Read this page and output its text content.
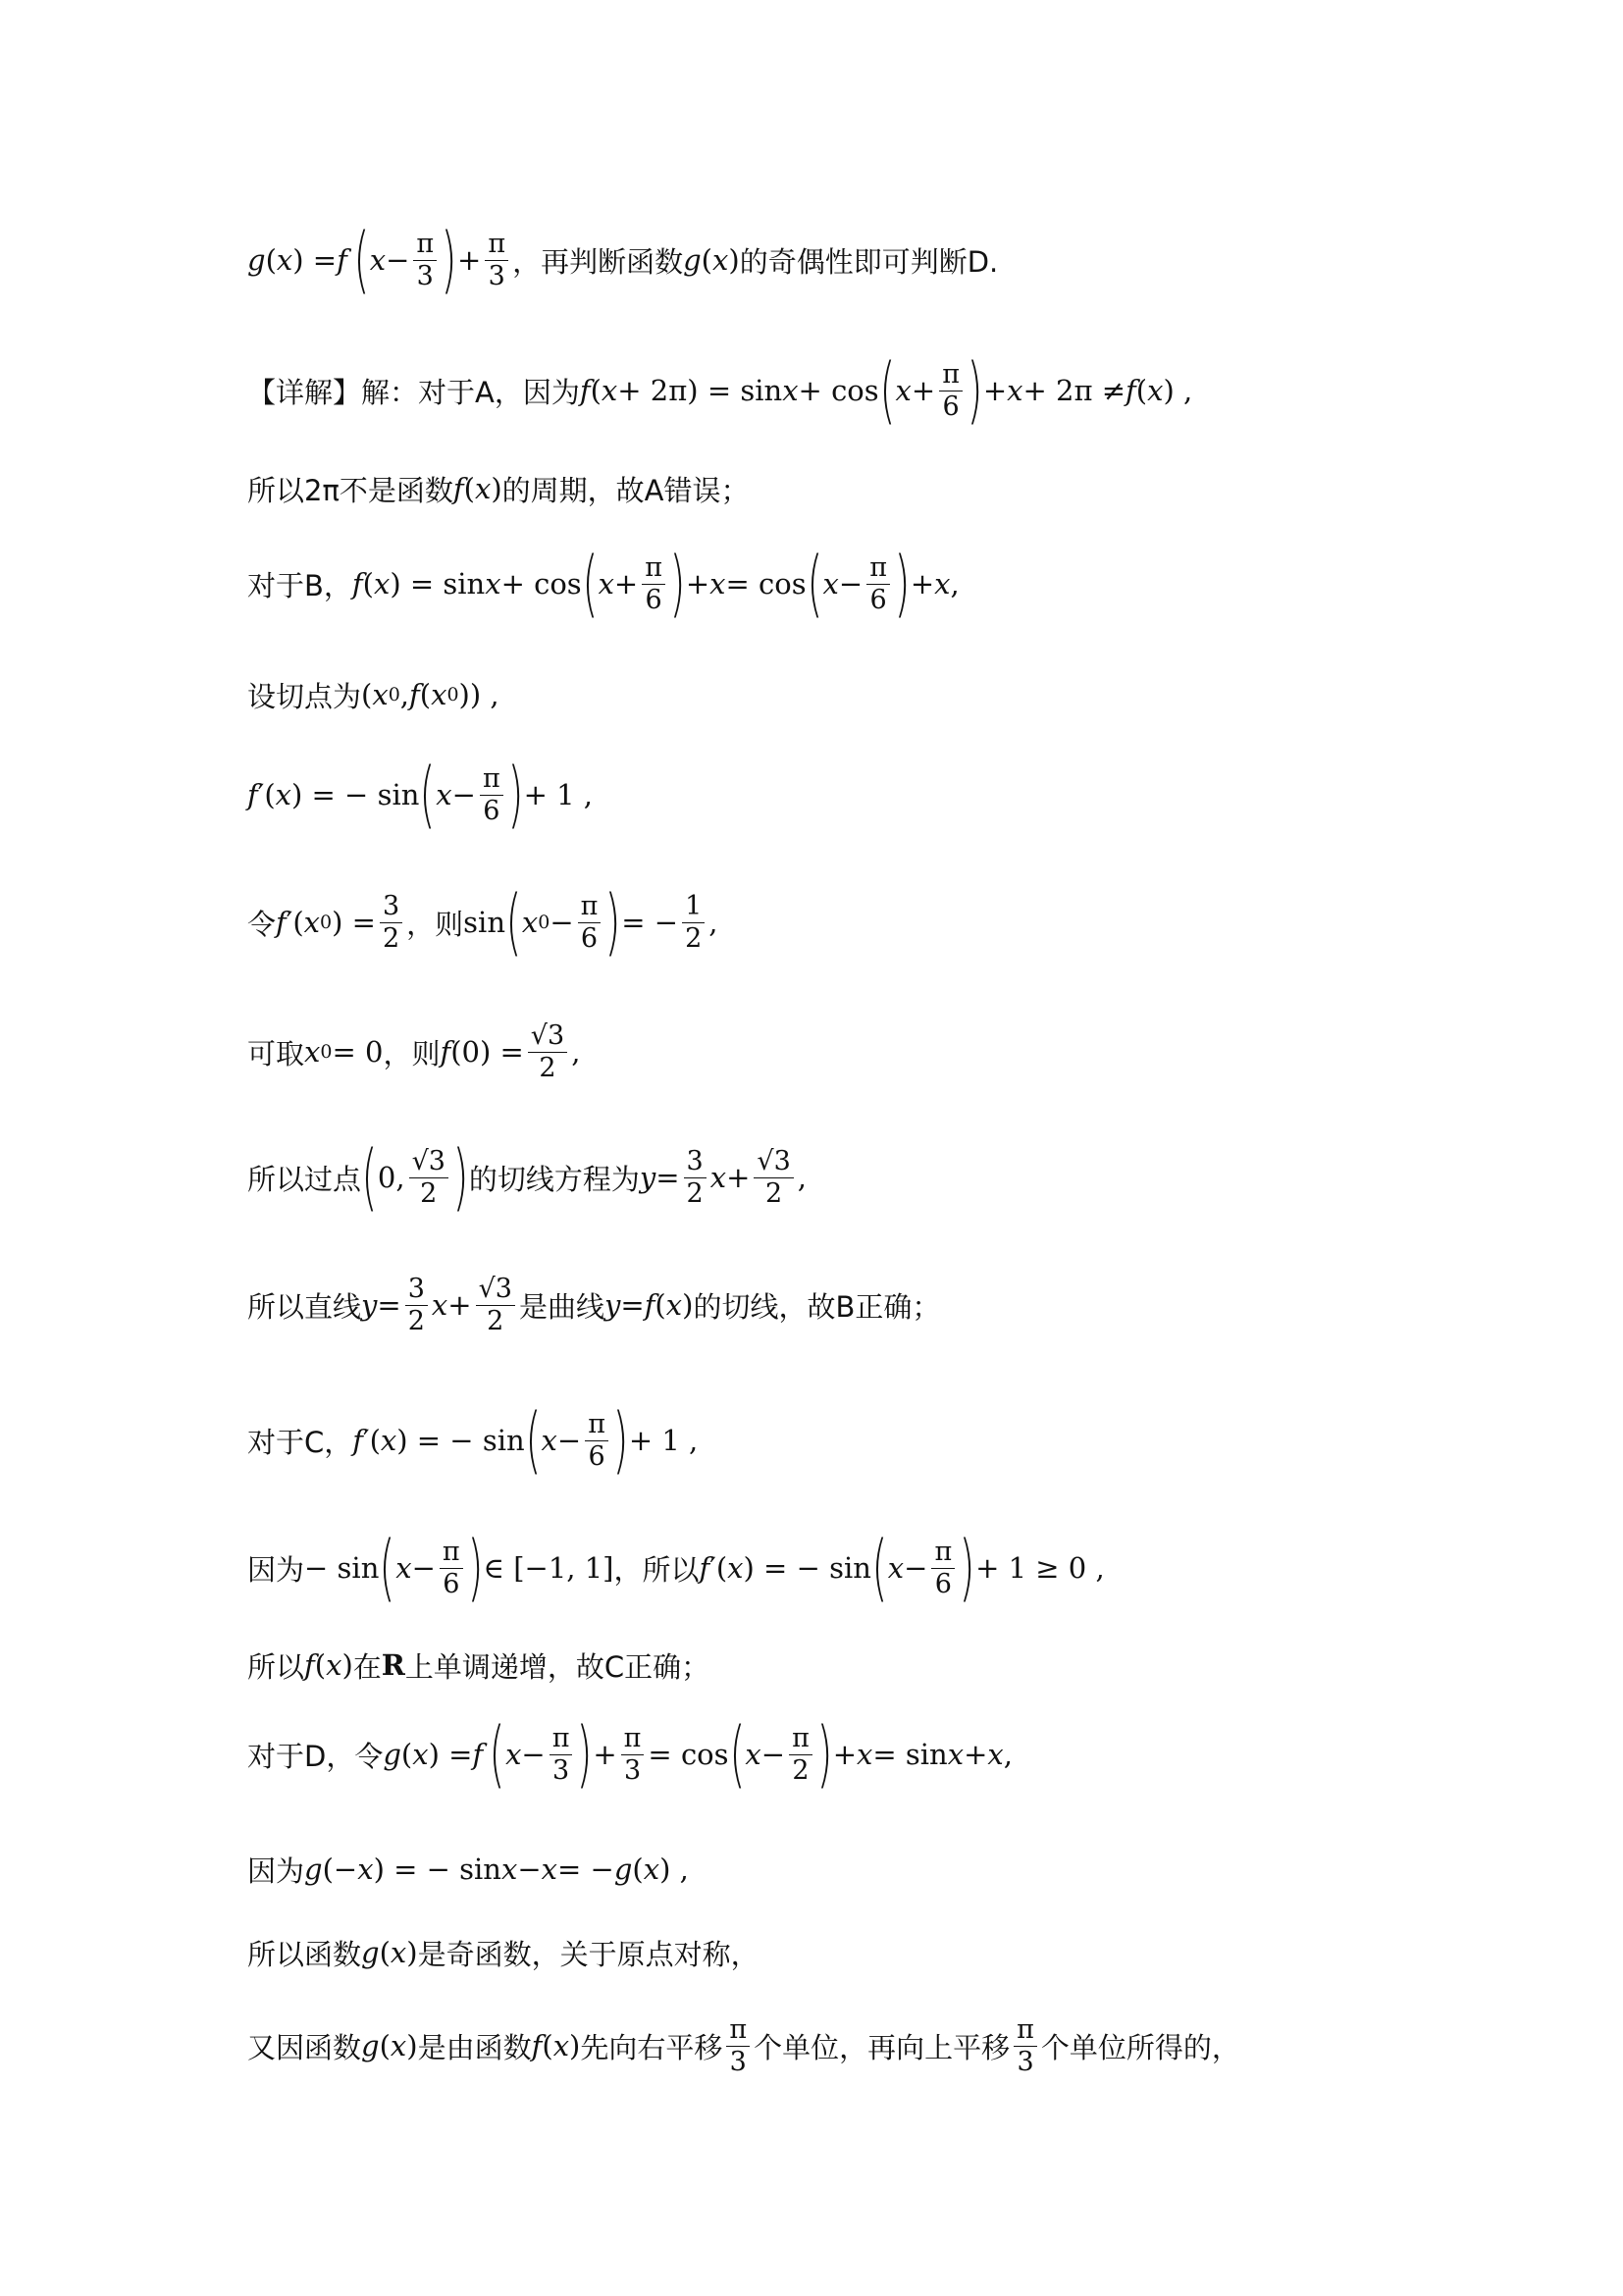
g ( x ) = f ( $x - \frac{\pi}{3}$ ) + $\frac{\pi}{3}$ ，再判断函数 g ( x ) 的奇偶性即可判断D.
【详解】解：对于A，因为 f ( x + 2π) = sin x + cos ( $x + \frac{\pi}{6}$ ) + x + 2π ≠ f ( x ) ,
所以2π不是函数 f ( x ) 的周期，故A错误；
对于B， f ( x ) = sin x + cos ( $x + \frac{\pi}{6}$ ) + x = cos ( $x - \frac{\pi}{6}$ ) + x ,
设切点为 ( x 0 , f ( x 0 )) ,
f ′( x ) = − sin ( $x - \frac{\pi}{6}$ ) + 1 ,
令 f ′( x 0 ) = $\frac{3}{2}$ ，则 sin ( x $0 - \frac{\pi}{6}$ ) = − $\frac{1}{2}$ ,
可取 x 0 = 0 ，则 f $(0) = \frac{√3}{2}$ ,
所以过点 ( 0, $\frac{√3}{2}$ ) 的切线方程为 $y = \frac{3}{2}$ $x + \frac{√3}{2}$ ,
所以直线 $y = \frac{3}{2}$ $x + \frac{√3}{2}$ 是曲线 y = f ( x ) 的切线，故B正确；
对于C， f ′( x ) = − sin ( $x - \frac{\pi}{6}$ ) + 1 ,
因为 − sin ( $x - \frac{\pi}{6}$ ) ∈ [−1, 1] ，所以 f ′( x ) = − sin ( $x - \frac{\pi}{6}$ ) + 1 ≥ 0 ,
所以 f ( x ) 在 R 上单调递增，故C正确；
对于D，令 g ( x ) = f ( $x - \frac{\pi}{3}$ ) + $\frac{\pi}{3} = \cos$ ( $x - \frac{\pi}{2}$ ) + x = sin x + x ,
因为 g (− x ) = − sin x − x = − g ( x ) ,
所以函数 g ( x ) 是奇函数，关于原点对称，
又因函数 g ( x ) 是由函数 f ( x ) 先向右平移 $\frac{\pi}{3}$ 个单位，再向上平移 $\frac{\pi}{3}$ 个单位所得的，
